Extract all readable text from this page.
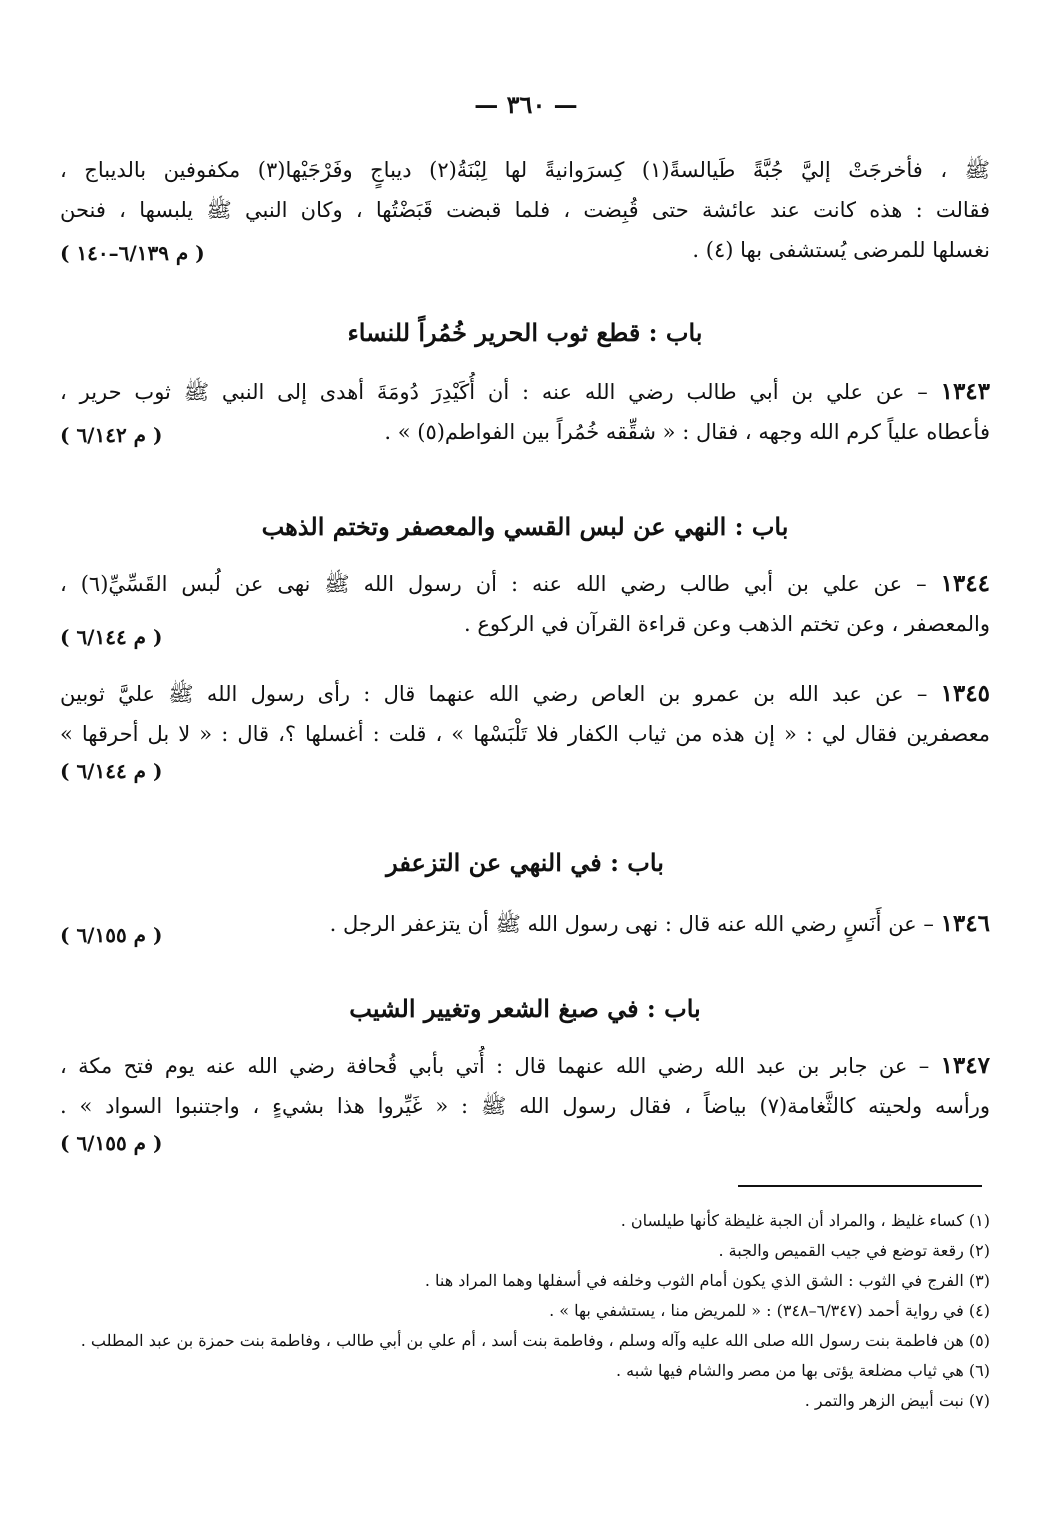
— ٣٦٠ —
ﷺ ، فأخرجَتْ إليَّ جُبَّةً طَيالسةً(١) كِسرَوانيةً لها لِبْنَةُ(٢) ديباجٍ وفَرْجَيْها(٣) مكفوفين بالديباج ،
فقالت : هذه كانت عند عائشة حتى قُبِضت ، فلما قبضت قَبَضْتُها ، وكان النبي ﷺ يلبسها ، فنحن
نغسلها للمرضى يُستشفى بها (٤) .
( م ٦/١٣٩–١٤٠ )
باب : قطع ثوب الحرير خُمُراً للنساء
١٣٤٣ – عن علي بن أبي طالب رضي الله عنه : أن أُكَيْدِرَ دُومَةَ أهدى إلى النبي ﷺ ثوب حرير ،
فأعطاه علياً كرم الله وجهه ، فقال : « شقِّقه خُمُراً بين الفواطم(٥) » .
( م ٦/١٤٢ )
باب : النهي عن لبس القسي والمعصفر وتختم الذهب
١٣٤٤ – عن علي بن أبي طالب رضي الله عنه : أن رسول الله ﷺ نهى عن لُبس القَسِّيِّ(٦) ،
والمعصفر ، وعن تختم الذهب وعن قراءة القرآن في الركوع .
( م ٦/١٤٤ )
١٣٤٥ – عن عبد الله بن عمرو بن العاص رضي الله عنهما قال : رأى رسول الله ﷺ عليَّ ثوبين
معصفرين فقال لي : « إن هذه من ثياب الكفار فلا تَلْبَسْها » ، قلت : أغسلها ؟، قال : « لا بل أحرقها »
( م ٦/١٤٤ )
باب : في النهي عن التزعفر
١٣٤٦ – عن أَنَسٍ رضي الله عنه قال : نهى رسول الله ﷺ أن يتزعفر الرجل .
( م ٦/١٥٥ )
باب : في صبغ الشعر وتغيير الشيب
١٣٤٧ – عن جابر بن عبد الله رضي الله عنهما قال : أُتي بأبي قُحافة رضي الله عنه يوم فتح مكة ،
ورأسه ولحيته كالثَّغامة(٧) بياضاً ، فقال رسول الله ﷺ : « غَيِّروا هذا بشيءٍ ، واجتنبوا السواد » .
( م ٦/١٥٥ )
(١) كساء غليظ ، والمراد أن الجبة غليظة كأنها طيلسان .
(٢) رقعة توضع في جيب القميص والجبة .
(٣) الفرج في الثوب : الشق الذي يكون أمام الثوب وخلفه في أسفلها وهما المراد هنا .
(٤) في رواية أحمد (٦/٣٤٧–٣٤٨) : « للمريض منا ، يستشفي بها » .
(٥) هن فاطمة بنت رسول الله صلى الله عليه وآله وسلم ، وفاطمة بنت أسد ، أم علي بن أبي طالب ، وفاطمة بنت حمزة بن عبد المطلب .
(٦) هي ثياب مضلعة يؤتى بها من مصر والشام فيها شبه .
(٧) نبت أبيض الزهر والتمر .
